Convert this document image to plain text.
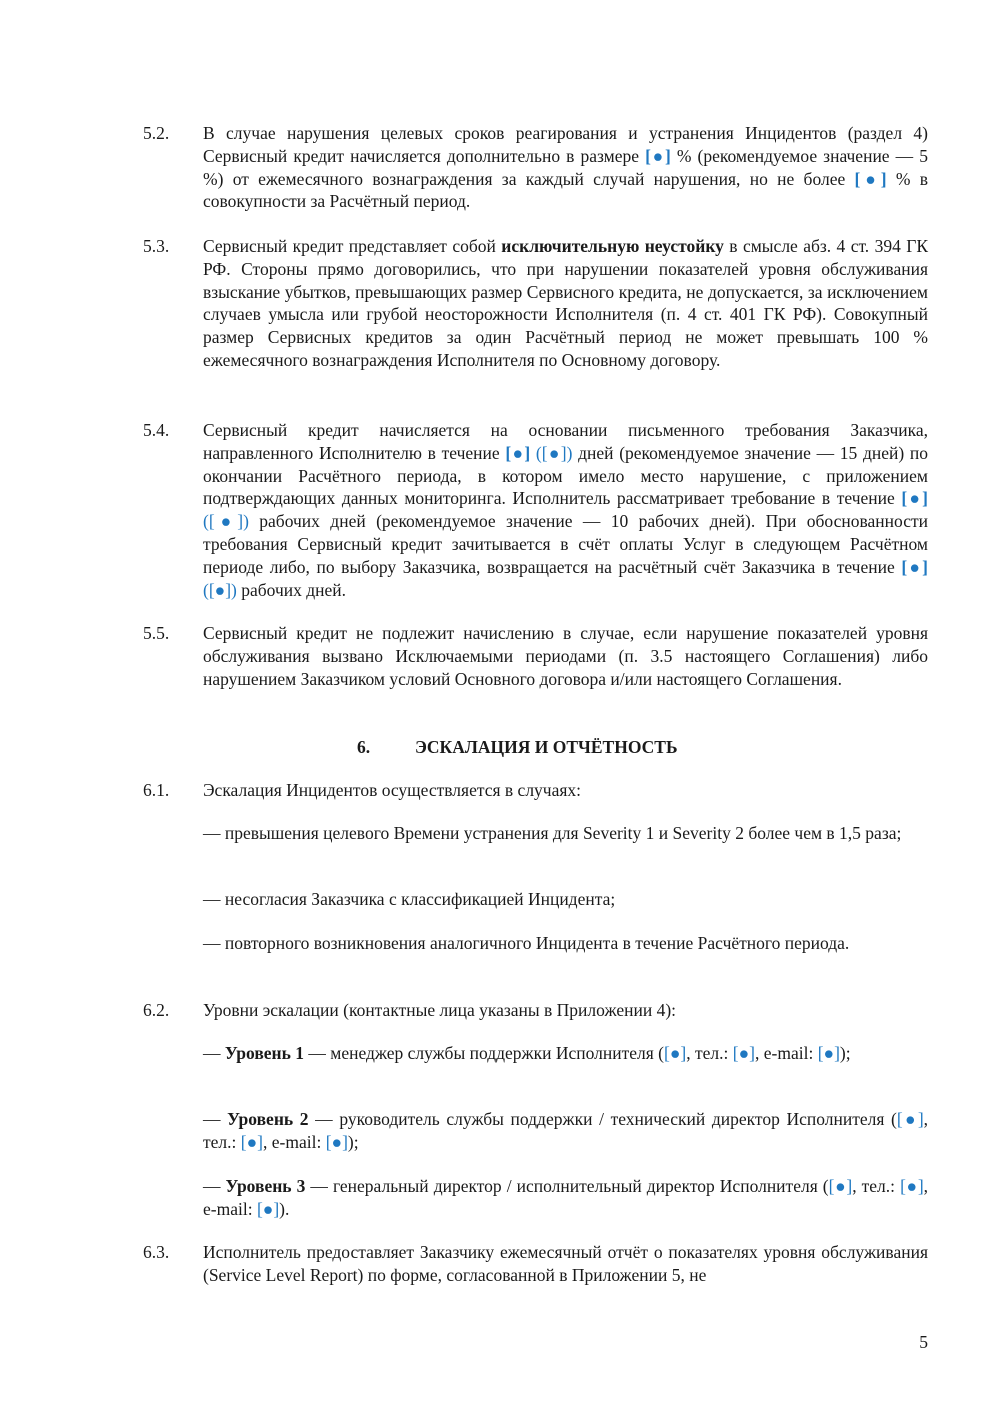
5.2. В случае нарушения целевых сроков реагирования и устранения Инцидентов (раздел 4) Сервисный кредит начисляется дополнительно в размере [●] % (рекомендуемое значение — 5 %) от ежемесячного вознаграждения за каждый случай нарушения, но не более [●] % в совокупности за Расчётный период.
5.3. Сервисный кредит представляет собой исключительную неустойку в смысле абз. 4 ст. 394 ГК РФ. Стороны прямо договорились, что при нарушении показателей уровня обслуживания взыскание убытков, превышающих размер Сервисного кредита, не допускается, за исключением случаев умысла или грубой неосторожности Исполнителя (п. 4 ст. 401 ГК РФ). Совокупный размер Сервисных кредитов за один Расчётный период не может превышать 100 % ежемесячного вознаграждения Исполнителя по Основному договору.
5.4. Сервисный кредит начисляется на основании письменного требования Заказчика, направленного Исполнителю в течение [●] ([●]) дней (рекомендуемое значение — 15 дней) по окончании Расчётного периода, в котором имело место нарушение, с приложением подтверждающих данных мониторинга. Исполнитель рассматривает требование в течение [●] ([●]) рабочих дней (рекомендуемое значение — 10 рабочих дней). При обоснованности требования Сервисный кредит зачитывается в счёт оплаты Услуг в следующем Расчётном периоде либо, по выбору Заказчика, возвращается на расчётный счёт Заказчика в течение [●] ([●]) рабочих дней.
5.5. Сервисный кредит не подлежит начислению в случае, если нарушение показателей уровня обслуживания вызвано Исключаемыми периодами (п. 3.5 настоящего Соглашения) либо нарушением Заказчиком условий Основного договора и/или настоящего Соглашения.
6.	ЭСКАЛАЦИЯ И ОТЧЁТНОСТЬ
6.1. Эскалация Инцидентов осуществляется в случаях:
— превышения целевого Времени устранения для Severity 1 и Severity 2 более чем в 1,5 раза;
— несогласия Заказчика с классификацией Инцидента;
— повторного возникновения аналогичного Инцидента в течение Расчётного периода.
6.2. Уровни эскалации (контактные лица указаны в Приложении 4):
— Уровень 1 — менеджер службы поддержки Исполнителя ([●], тел.: [●], e-mail: [●]);
— Уровень 2 — руководитель службы поддержки / технический директор Исполнителя ([●], тел.: [●], e-mail: [●]);
— Уровень 3 — генеральный директор / исполнительный директор Исполнителя ([●], тел.: [●], e-mail: [●]).
6.3. Исполнитель предоставляет Заказчику ежемесячный отчёт о показателях уровня обслуживания (Service Level Report) по форме, согласованной в Приложении 5, не
5
